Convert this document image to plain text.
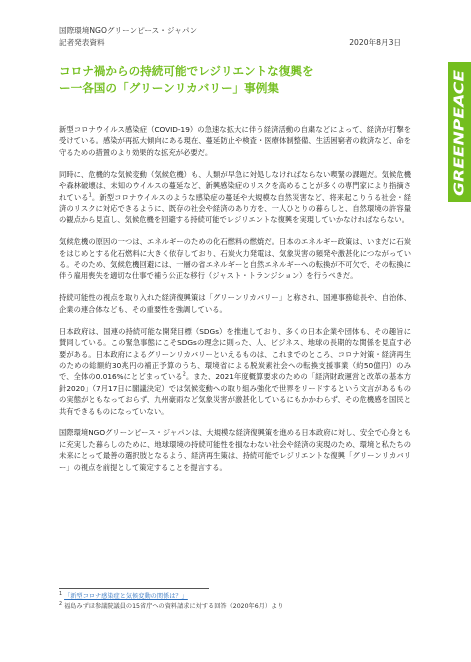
国際環境NGOグリーンピース・ジャパン
記者発表資料	2020年8月3日
コロナ禍からの持続可能でレジリエントな復興を
ー一各国の「グリーンリカバリー」事例集
GREENPEACE

新型コロナウイルス感染症（COVID-19）の急速な拡大に伴う経済活動の自粛などによって、経済が打撃を受けている。感染が再拡大傾向にある現在、蔓延防止や検査・医療体制整備、生活困窮者の救済など、命を守るための措置のより効果的な拡充が必要だ。

同時に、危機的な気候変動（気候危機）も、人類が早急に対処しなければならない喫緊の課題だ。気候危機や森林破壊は、未知のウイルスの蔓延など、新興感染症のリスクを高めることが多くの専門家により指摘されている$^1$。新型コロナウイルスのような感染症の蔓延や大規模な自然災害など、将来起こりうる社会・経済のリスクに対応できるように、既存の社会や経済のあり方を、一人ひとりの暮らしと、自然環境の許容量の観点から見直し、気候危機を回避する持続可能でレジリエントな復興を実現していかなければならない。

気候危機の原因の一つは、エネルギーのための化石燃料の燃焼だ。日本のエネルギー政策は、いまだに石炭をはじめとする化石燃料に大きく依存しており、石炭火力発電は、気象災害の頻発や激甚化につながっている。そのため、気候危機回避には、一層の省エネルギーと自然エネルギーへの転換が不可欠で、その転換に伴う雇用喪失を適切な仕事で補う公正な移行（ジャスト・トランジション）を行うべきだ。

持続可能性の視点を取り入れた経済復興策は「グリーンリカバリー」と称され、国連事務総長や、自治体、企業の連合体なども、その重要性を強調している。

日本政府は、国連の持続可能な開発目標（SDGs）を推進しており、多くの日本企業や団体も、その趣旨に賛同している。この緊急事態にこそSDGsの理念に則った、人、ビジネス、地球の長期的な関係を見直す必要がある。日本政府によるグリーンリカバリーといえるものは、これまでのところ、コロナ対策・経済再生のための総額約30兆円の補正予算のうち、環境省による脱炭素社会への転換支援事業（約50億円）のみで、全体の0.016%にとどまっている$^2$。また、2021年度概算要求のための「経済財政運営と改革の基本方針2020」（7月17日に閣議決定）では気候変動への取り組み強化で世界をリードするという文言があるものの実態がともなっておらず、九州豪雨など気象災害が激甚化しているにもかかわらず、その危機感を国民と共有できるものになっていない。

国際環境NGOグリーンピース・ジャパンは、大規模な経済復興策を進める日本政府に対し、安全で心身ともに充実した暮らしのために、地球環境の持続可能性を損なわない社会や経済の実現のため、環境と私たちの未来にとって最善の選択肢となるよう、経済再生策は、持続可能でレジリエントな復興「グリーンリカバリー」の視点を前提として策定することを提言する。

$^1$ 「新型コロナ感染症と気候変動の関係は？」
$^2$ 福島みずほ参議院議員の15省庁への資料請求に対する回答（2020年6月）より
